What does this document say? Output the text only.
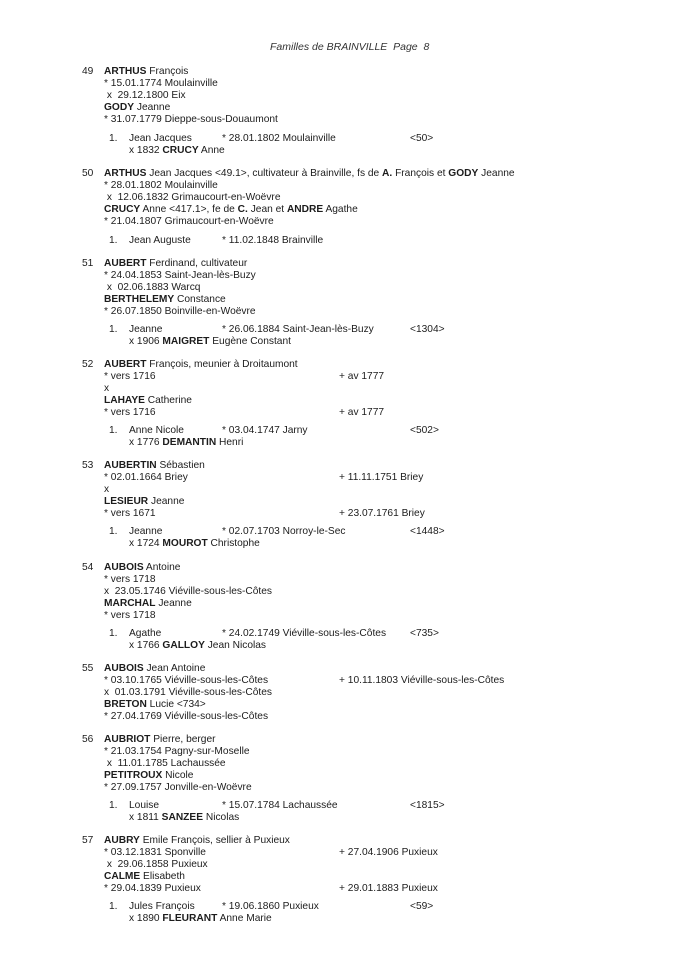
Familles de BRAINVILLE  Page  8
49 ARTHUS François
* 15.01.1774 Moulainville
x  29.12.1800 Eix
GODY Jeanne
* 31.07.1779 Dieppe-sous-Douaumont
1. Jean Jacques	* 28.01.1802 Moulainville	<50>
x 1832 CRUCY Anne
50 ARTHUS Jean Jacques <49.1>, cultivateur à Brainville, fs de A. François et GODY Jeanne
* 28.01.1802 Moulainville
x  12.06.1832 Grimaucourt-en-Woëvre
CRUCY Anne <417.1>, fe de C. Jean et ANDRE Agathe
* 21.04.1807 Grimaucourt-en-Woëvre
1. Jean Auguste	* 11.02.1848 Brainville
51 AUBERT Ferdinand, cultivateur
* 24.04.1853 Saint-Jean-lès-Buzy
x  02.06.1883 Warcq
BERTHELEMY Constance
* 26.07.1850 Boinville-en-Woëvre
1. Jeanne	* 26.06.1884 Saint-Jean-lès-Buzy	<1304>
x 1906 MAIGRET Eugène Constant
52 AUBERT François, meunier à Droitaumont
* vers 1716	+ av 1777
x
LAHAYE Catherine
* vers 1716	+ av 1777
1. Anne Nicole	* 03.04.1747 Jarny	<502>
x 1776 DEMANTIN Henri
53 AUBERTIN Sébastien
* 02.01.1664 Briey	+ 11.11.1751 Briey
x
LESIEUR Jeanne
* vers 1671	+ 23.07.1761 Briey
1. Jeanne	* 02.07.1703 Norroy-le-Sec	<1448>
x 1724 MOUROT Christophe
54 AUBOIS Antoine
* vers 1718
x  23.05.1746 Viéville-sous-les-Côtes
MARCHAL Jeanne
* vers 1718
1. Agathe	* 24.02.1749 Viéville-sous-les-Côtes <735>
x 1766 GALLOY Jean Nicolas
55 AUBOIS Jean Antoine
* 03.10.1765 Viéville-sous-les-Côtes	+ 10.11.1803 Viéville-sous-les-Côtes
x  01.03.1791 Viéville-sous-les-Côtes
BRETON Lucie <734>
* 27.04.1769 Viéville-sous-les-Côtes
56 AUBRIOT Pierre, berger
* 21.03.1754 Pagny-sur-Moselle
x  11.01.1785 Lachaussée
PETITROUX Nicole
* 27.09.1757 Jonville-en-Woëvre
1. Louise	* 15.07.1784 Lachaussée	<1815>
x 1811 SANZEE Nicolas
57 AUBRY Emile François, sellier à Puxieux
* 03.12.1831 Sponville	+ 27.04.1906 Puxieux
x  29.06.1858 Puxieux
CALME Elisabeth
* 29.04.1839 Puxieux	+ 29.01.1883 Puxieux
1. Jules François	* 19.06.1860 Puxieux	<59>
x 1890 FLEURANT Anne Marie
